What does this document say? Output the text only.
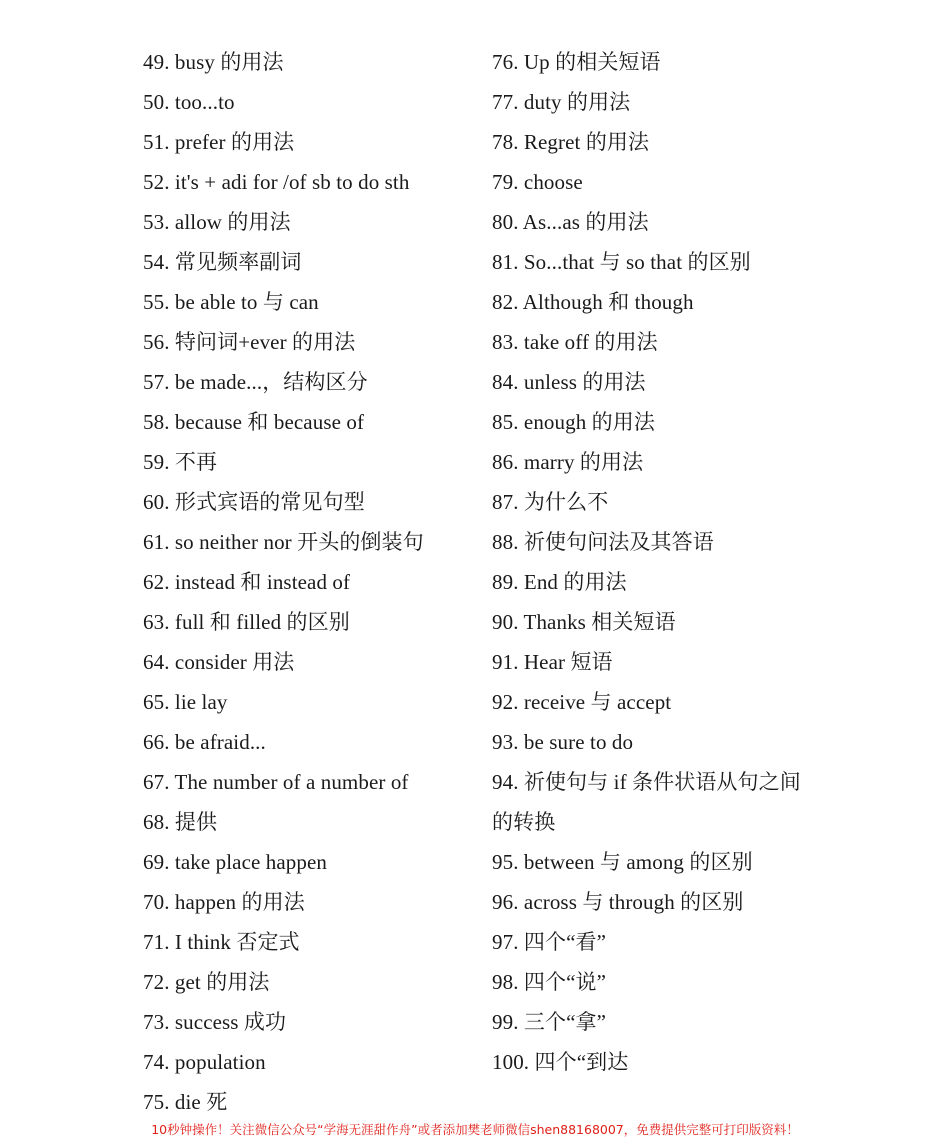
49. busy 的用法
50. too...to
51. prefer 的用法
52. it's + adi for /of sb to do sth
53. allow 的用法
54. 常见频率副词
55. be able to 与 can
56. 特问词+ever 的用法
57. be made...，结构区分
58. because 和 because of
59. 不再
60. 形式宾语的常见句型
61. so neither nor 开头的倒装句
62. instead 和 instead of
63. full 和 filled 的区别
64. consider 用法
65. lie lay
66. be afraid...
67. The number of a number of
68. 提供
69. take place happen
70. happen 的用法
71. I think 否定式
72. get 的用法
73. success 成功
74. population
75. die 死
76. Up 的相关短语
77. duty 的用法
78. Regret 的用法
79. choose
80. As...as 的用法
81. So...that 与 so that 的区别
82. Although 和 though
83. take off 的用法
84. unless 的用法
85. enough 的用法
86. marry 的用法
87. 为什么不
88. 祈使句问法及其答语
89. End 的用法
90. Thanks 相关短语
91. Hear 短语
92. receive 与 accept
93. be sure to do
94. 祈使句与 if 条件状语从句之间的转换
95. between 与 among 的区别
96. across 与 through 的区别
97. 四个“看”
98. 四个“说”
99. 三个“拿”
100. 四个“到达
10秒钟操作！关注微信公众号“学海无涯甜作舟”或者添加樊老师微信shen88168007，免费提供完整可打印版资料！
